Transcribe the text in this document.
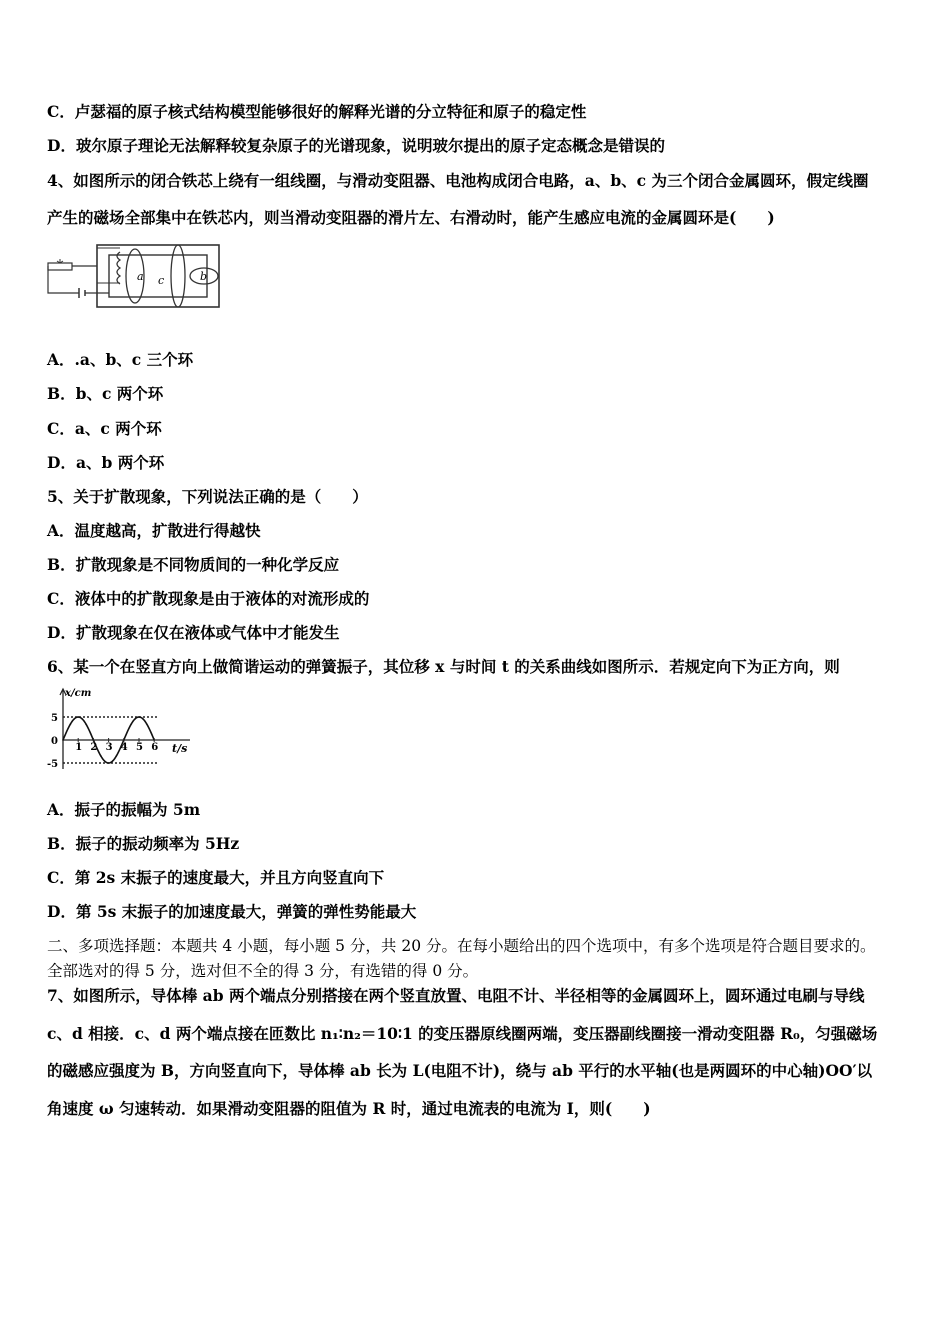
C．卢瑟福的原子核式结构模型能够很好的解释光谱的分立特征和原子的稳定性
D．玻尔原子理论无法解释较复杂原子的光谱现象，说明玻尔提出的原子定态概念是错误的
4、如图所示的闭合铁芯上绕有一组线圈，与滑动变阻器、电池构成闭合电路，a、b、c 为三个闭合金属圆环，假定线圈
产生的磁场全部集中在铁芯内，则当滑动变阻器的滑片左、右滑动时，能产生感应电流的金属圆环是(　　)
a c	b
A．.a、b、c 三个环
B．b、c 两个环
C．a、c 两个环
D．a、b 两个环
5、关于扩散现象，下列说法正确的是（　　）
A．温度越高，扩散进行得越快
B．扩散现象是不同物质间的一种化学反应
C．液体中的扩散现象是由于液体的对流形成的
D．扩散现象在仅在液体或气体中才能发生
6、某一个在竖直方向上做简谐运动的弹簧振子，其位移 x 与时间 t 的关系曲线如图所示．若规定向下为正方向，则
x/cm
t/s
1 2 3 4 5 6
5
0
-5
A．振子的振幅为 5m
B．振子的振动频率为 5Hz
C．第 2s 末振子的速度最大，并且方向竖直向下
D．第 5s 末振子的加速度最大，弹簧的弹性势能最大
二、多项选择题：本题共 4 小题，每小题 5 分，共 20 分。在每小题给出的四个选项中，有多个选项是符合题目要求的。
全部选对的得 5 分，选对但不全的得 3 分，有选错的得 0 分。
7、如图所示，导体棒 ab 两个端点分别搭接在两个竖直放置、电阻不计、半径相等的金属圆环上，圆环通过电刷与导线
c、d 相接．c、d 两个端点接在匝数比 n₁∶n₂＝10∶1 的变压器原线圈两端，变压器副线圈接一滑动变阻器 R₀，匀强磁场
的磁感应强度为 B，方向竖直向下，导体棒 ab 长为 L(电阻不计)，绕与 ab 平行的水平轴(也是两圆环的中心轴)OO′以
角速度 ω 匀速转动．如果滑动变阻器的阻值为 R 时，通过电流表的电流为 I，则(　　)
